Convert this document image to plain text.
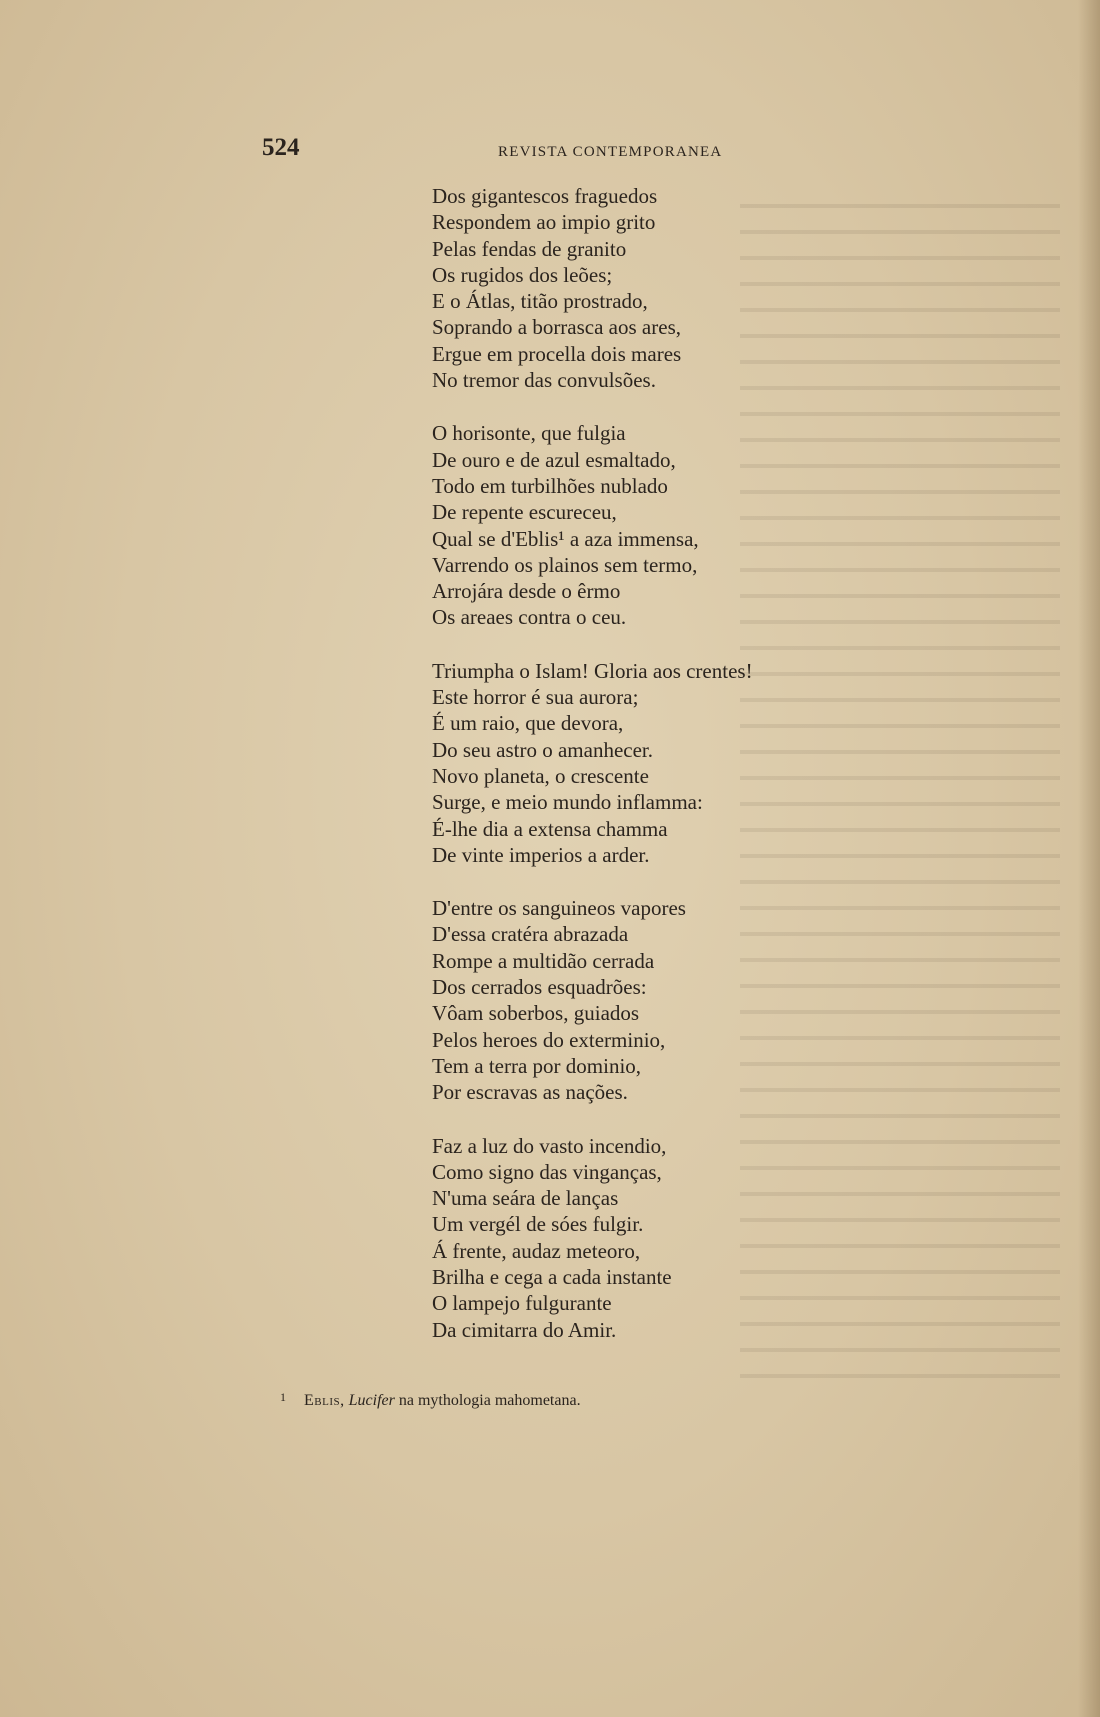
524	REVISTA CONTEMPORANEA
Dos gigantescos fraguedos
Respondem ao impio grito
Pelas fendas de granito
Os rugidos dos leões;
E o Átlas, titão prostrado,
Soprando a borrasca aos ares,
Ergue em procella dois mares
No tremor das convulsões.
O horisonte, que fulgia
De ouro e de azul esmaltado,
Todo em turbilhões nublado
De repente escureceu,
Qual se d'Eblis¹ a aza immensa,
Varrendo os plainos sem termo,
Arrojára desde o êrmo
Os areaes contra o ceu.
Triumpha o Islam! Gloria aos crentes!
Este horror é sua aurora;
É um raio, que devora,
Do seu astro o amanhecer.
Novo planeta, o crescente
Surge, e meio mundo inflamma:
É-lhe dia a extensa chamma
De vinte imperios a arder.
D'entre os sanguineos vapores
D'essa cratéra abrazada
Rompe a multidão cerrada
Dos cerrados esquadrões:
Vôam soberbos, guiados
Pelos heroes do exterminio,
Tem a terra por dominio,
Por escravas as nações.
Faz a luz do vasto incendio,
Como signo das vinganças,
N'uma seára de lanças
Um vergél de sóes fulgir.
Á frente, audaz meteoro,
Brilha e cega a cada instante
O lampejo fulgurante
Da cimitarra do Amir.
$^1$ Eblis, Lucifer na mythologia mahometana.
